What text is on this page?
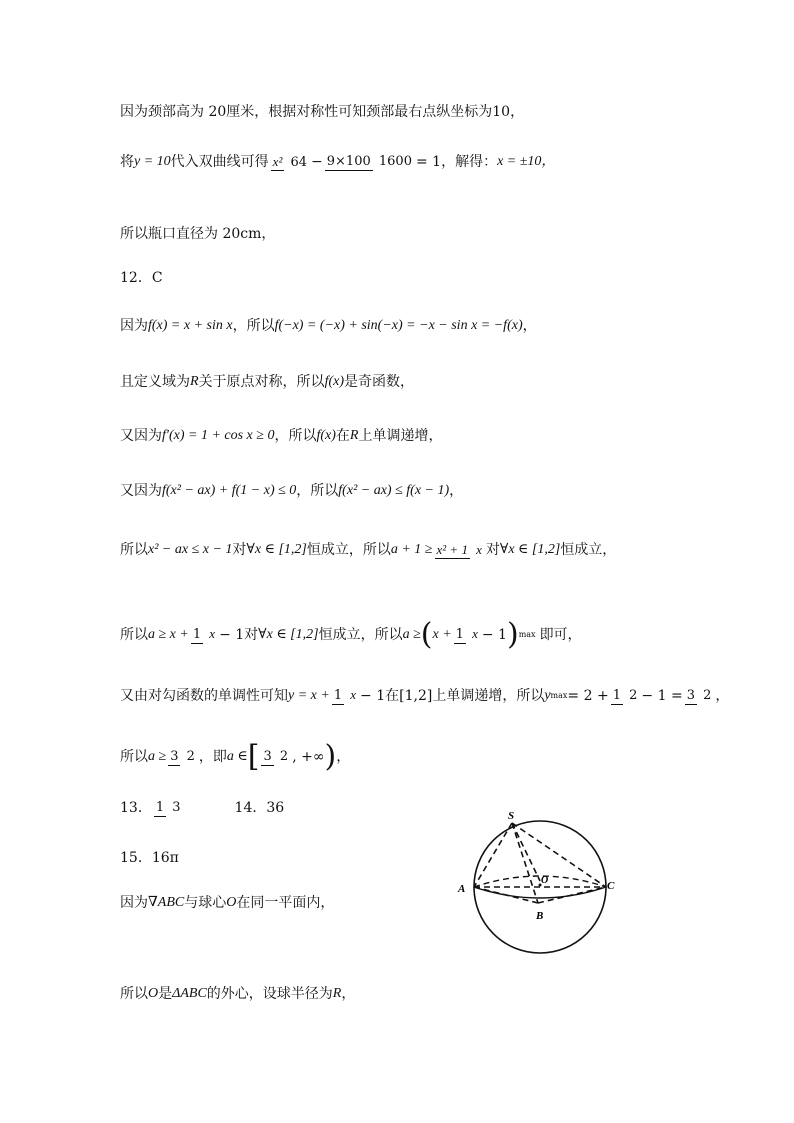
因为颈部高为 20厘米，根据对称性可知颈部最右点纵坐标为10，
将 y = 10 代入双曲线可得 x² 64 − 9×100 1600 = 1，解得： x = ±10，
所以瓶口直径为 20cm，
12．C
因为 f(x) = x + sin x ，所以 f(−x) = (−x) + sin(−x) = −x − sin x = −f(x) ，
且定义域为 R 关于原点对称，所以 f(x) 是奇函数，
又因为 f′(x) = 1 + cos x ≥ 0 ，所以 f(x) 在 R 上单调递增，
又因为 f(x² − ax) + f(1 − x) ≤ 0 ，所以 f(x² − ax) ≤ f(x − 1) ，
所以 x² − ax ≤ x − 1 对 ∀x ∈ [1,2] 恒成立，所以 a + 1 ≥ x² + 1 x 对 ∀x ∈ [1,2] 恒成立，
所以 a ≥ x + 1 x − 1 对 ∀x ∈ [1,2] 恒成立，所以 a ≥ ( x + 1 x − 1 ) max 即可，
又由对勾函数的单调性可知 y = x + 1 x − 1 在 [1,2] 上单调递增，所以 y max = 2 + 1 2 − 1 = 3 2 ，
所以 a ≥ 3 2 ，即 a ∈ [ 3 2 , +∞ ) ，
13． 1 3	14．36
15．16π
因为 ∇ABC 与球心 O 在同一平面内，
所以 O 是 ΔABC 的外心，设球半径为 R ，
S
A
B
C
O
